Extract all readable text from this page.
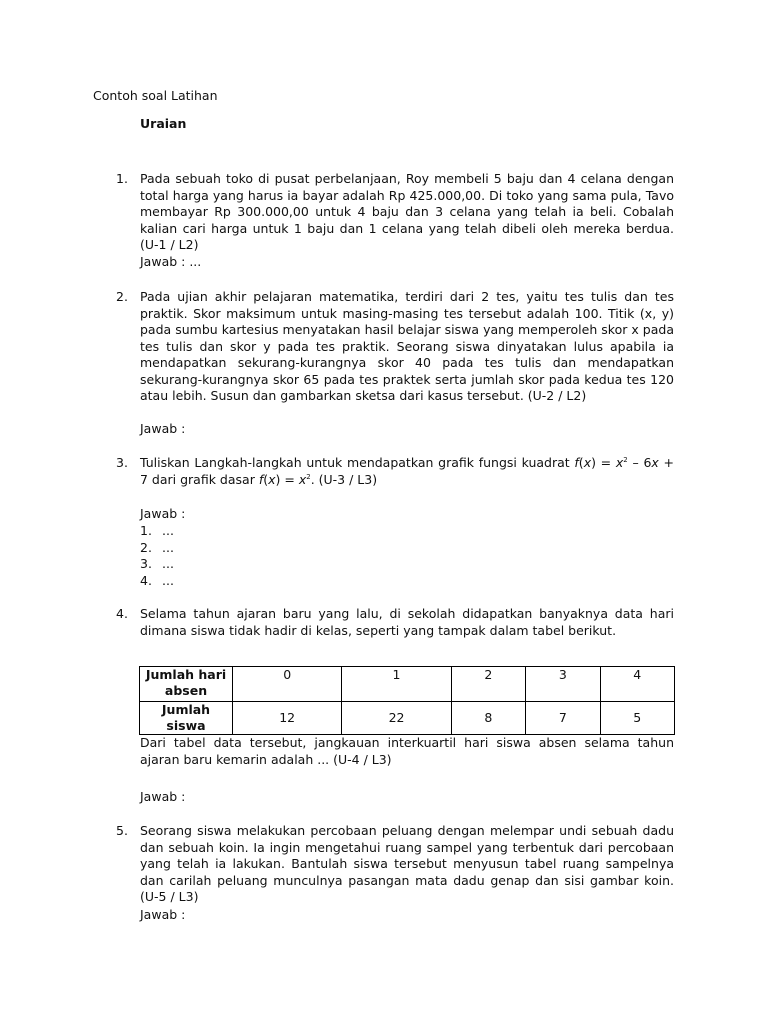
Contoh soal Latihan
Uraian
1. Pada sebuah toko di pusat perbelanjaan, Roy membeli 5 baju dan 4 celana dengan total harga yang harus ia bayar adalah Rp 425.000,00. Di toko yang sama pula, Tavo membayar Rp 300.000,00 untuk 4 baju dan 3 celana yang telah ia beli. Cobalah kalian cari harga untuk 1 baju dan 1 celana yang telah dibeli oleh mereka berdua. (U-1 / L2)
Jawab : ...
2. Pada ujian akhir pelajaran matematika, terdiri dari 2 tes, yaitu tes tulis dan tes praktik. Skor maksimum untuk masing-masing tes tersebut adalah 100. Titik (x, y) pada sumbu kartesius menyatakan hasil belajar siswa yang memperoleh skor x pada tes tulis dan skor y pada tes praktik. Seorang siswa dinyatakan lulus apabila ia mendapatkan sekurang-kurangnya skor 40 pada tes tulis dan mendapatkan sekurang-kurangnya skor 65 pada tes praktek serta jumlah skor pada kedua tes 120 atau lebih. Susun dan gambarkan sketsa dari kasus tersebut. (U-2 / L2)
Jawab :
3. Tuliskan Langkah-langkah untuk mendapatkan grafik fungsi kuadrat $f(x) = x^2 - 6x + 7$ dari grafik dasar $f(x) = x^2$. (U-3 / L3)
Jawab :
1. ...
2. ...
3. ...
4. ...
4. Selama tahun ajaran baru yang lalu, di sekolah didapatkan banyaknya data hari dimana siswa tidak hadir di kelas, seperti yang tampak dalam tabel berikut.
Jumlah hari absen	0	1	2	3	4
Jumlah siswa	12	22	8	7	5
Dari tabel data tersebut, jangkauan interkuartil hari siswa absen selama tahun ajaran baru kemarin adalah ... (U-4 / L3)
Jawab :
5. Seorang siswa melakukan percobaan peluang dengan melempar undi sebuah dadu dan sebuah koin. Ia ingin mengetahui ruang sampel yang terbentuk dari percobaan yang telah ia lakukan. Bantulah siswa tersebut menyusun tabel ruang sampelnya dan carilah peluang munculnya pasangan mata dadu genap dan sisi gambar koin. (U-5 / L3)
Jawab :
